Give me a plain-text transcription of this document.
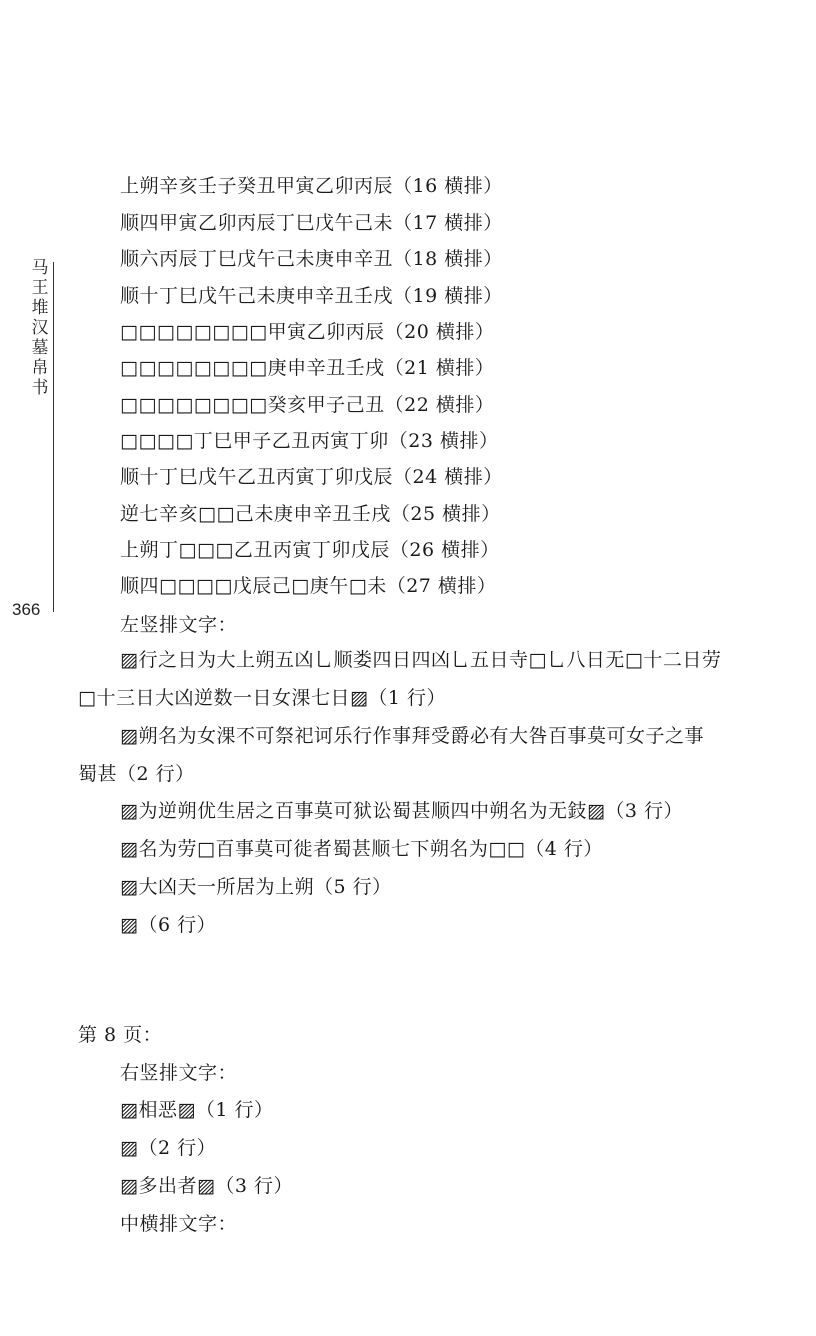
马
王
堆
汉
墓
帛
书
366
上朔辛亥壬子癸丑甲寅乙卯丙辰（16 横排）
顺四甲寅乙卯丙辰丁巳戊午己未（17 横排）
顺六丙辰丁巳戊午己未庚申辛丑（18 横排）
顺十丁巳戊午己未庚申辛丑壬戌（19 横排）
□□□□□□□□甲寅乙卯丙辰（20 横排）
□□□□□□□□庚申辛丑壬戌（21 横排）
□□□□□□□□癸亥甲子己丑（22 横排）
□□□□丁巳甲子乙丑丙寅丁卯（23 横排）
顺十丁巳戊午乙丑丙寅丁卯戊辰（24 横排）
逆七辛亥□□己未庚申辛丑壬戌（25 横排）
上朔丁□□□乙丑丙寅丁卯戊辰（26 横排）
顺四□□□□戊辰己□庚午□未（27 横排）
左竖排文字：
▨行之日为大上朔五凶乚顺娄四日四凶乚五日寺□乚八日无□十二日劳
□十三日大凶逆数一日女淉七日▨（1 行）
▨朔名为女淉不可祭祀诃乐行作事拜受爵必有大咎百事莫可女子之事
蜀甚（2 行）
▨为逆朔优生居之百事莫可狱讼蜀甚顺四中朔名为无鈘▨（3 行）
▨名为劳□百事莫可徙者蜀甚顺七下朔名为□□（4 行）
▨大凶天一所居为上朔（5 行）
▨（6 行）
第 8 页：
右竖排文字：
▨相恶▨（1 行）
▨（2 行）
▨多出者▨（3 行）
中横排文字：
